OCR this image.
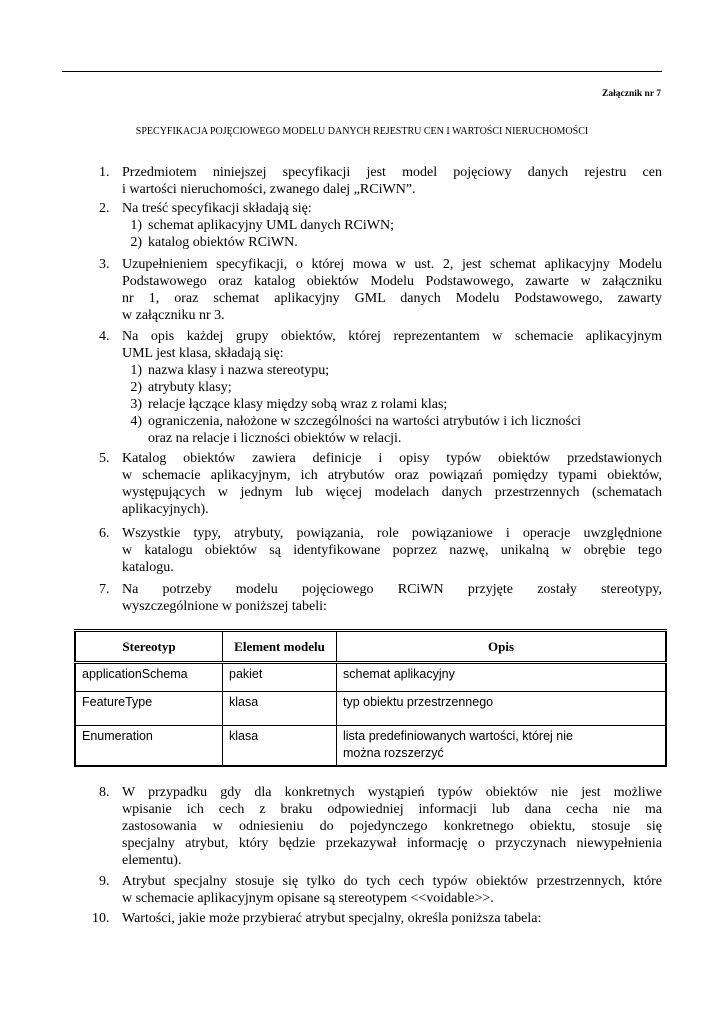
Załącznik nr 7
SPECYFIKACJA POJĘCIOWEGO MODELU DANYCH REJESTRU CEN I WARTOŚCI NIERUCHOMOŚCI
1. Przedmiotem niniejszej specyfikacji jest model pojęciowy danych rejestru cen
i wartości nieruchomości, zwanego dalej „RCiWN”.
2. Na treść specyfikacji składają się:
1) schemat aplikacyjny UML danych RCiWN;
2) katalog obiektów RCiWN.
3. Uzupełnieniem specyfikacji, o której mowa w ust. 2, jest schemat aplikacyjny Modelu
Podstawowego oraz katalog obiektów Modelu Podstawowego, zawarte w załączniku
nr 1, oraz schemat aplikacyjny GML danych Modelu Podstawowego, zawarty
w załączniku nr 3.
4. Na opis każdej grupy obiektów, której reprezentantem w schemacie aplikacyjnym
UML jest klasa, składają się:
1) nazwa klasy i nazwa stereotypu;
2) atrybuty klasy;
3) relacje łączące klasy między sobą wraz z rolami klas;
4) ograniczenia, nałożone w szczególności na wartości atrybutów i ich liczności
oraz na relacje i liczności obiektów w relacji.
5. Katalog obiektów zawiera definicje i opisy typów obiektów przedstawionych
w schemacie aplikacyjnym, ich atrybutów oraz powiązań pomiędzy typami obiektów,
występujących w jednym lub więcej modelach danych przestrzennych (schematach
aplikacyjnych).
6. Wszystkie typy, atrybuty, powiązania, role powiązaniowe i operacje uwzględnione
w katalogu obiektów są identyfikowane poprzez nazwę, unikalną w obrębie tego
katalogu.
7. Na potrzeby modelu pojęciowego RCiWN przyjęte zostały stereotypy,
wyszczególnione w poniższej tabeli:
Stereotyp	Element modelu	Opis
applicationSchema	pakiet	schemat aplikacyjny
FeatureType	klasa	typ obiektu przestrzennego
Enumeration	klasa	lista predefiniowanych wartości, której nie
można rozszerzyć
8. W przypadku gdy dla konkretnych wystąpień typów obiektów nie jest możliwe
wpisanie ich cech z braku odpowiedniej informacji lub dana cecha nie ma
zastosowania w odniesieniu do pojedynczego konkretnego obiektu, stosuje się
specjalny atrybut, który będzie przekazywał informację o przyczynach niewypełnienia
elementu).
9. Atrybut specjalny stosuje się tylko do tych cech typów obiektów przestrzennych, które
w schemacie aplikacyjnym opisane są stereotypem <<voidable>>.
10. Wartości, jakie może przybierać atrybut specjalny, określa poniższa tabela:
